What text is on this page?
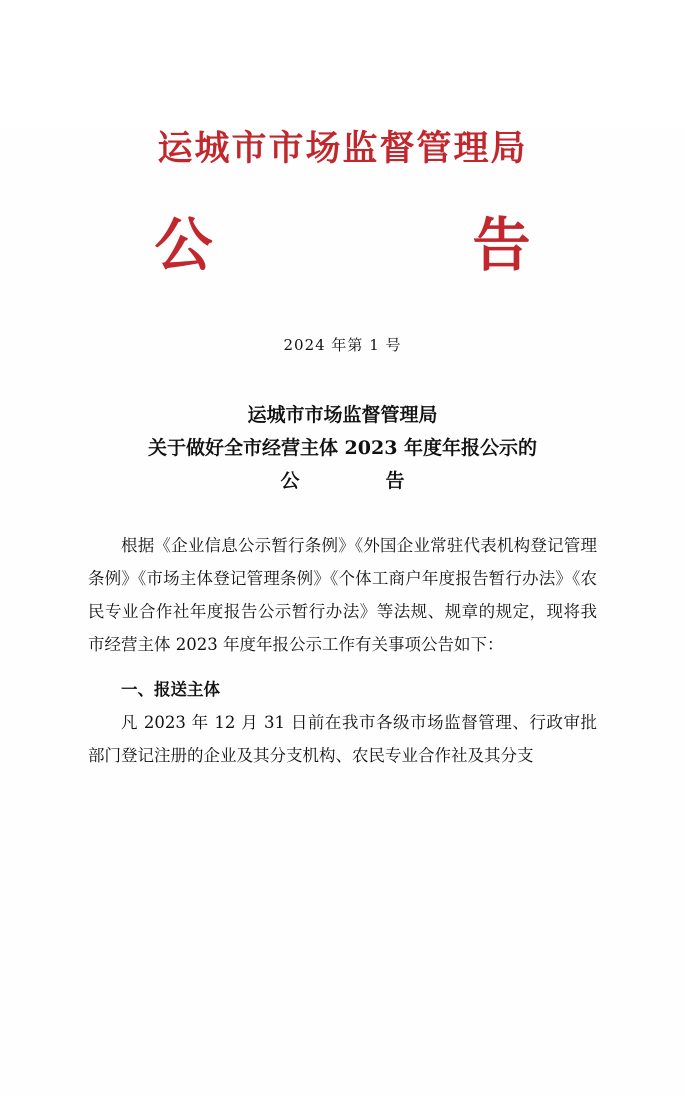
运城市市场监督管理局
公　　告
2024 年第 1 号
运城市市场监督管理局
关于做好全市经营主体 2023 年度年报公示的
公　　告

根据《企业信息公示暂行条例》《外国企业常驻代表机构登记管理条例》《市场主体登记管理条例》《个体工商户年度报告暂行办法》《农民专业合作社年度报告公示暂行办法》等法规、规章的规定，现将我市经营主体 2023 年度年报公示工作有关事项公告如下：

一、报送主体
凡 2023 年 12 月 31 日前在我市各级市场监督管理、行政审批部门登记注册的企业及其分支机构、农民专业合作社及其分支
